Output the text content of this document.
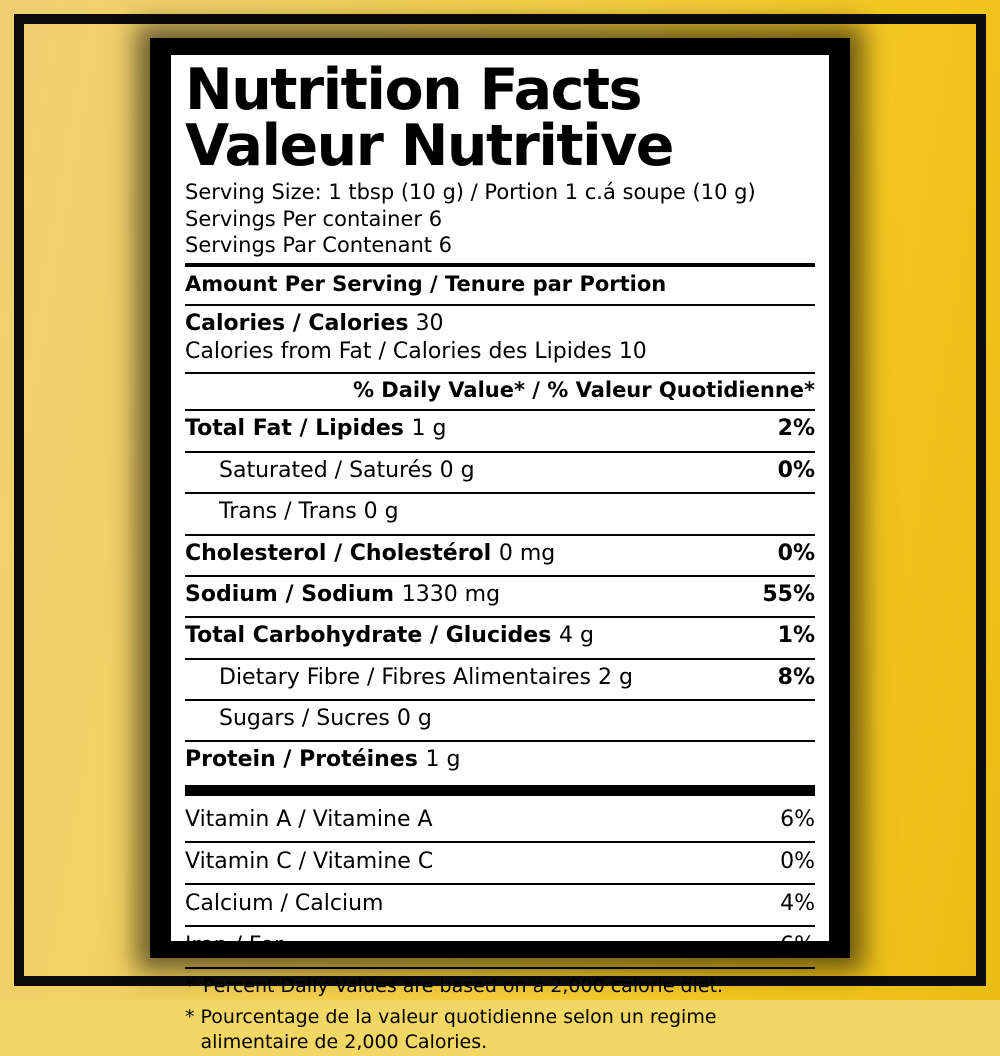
Nutrition Facts
Valeur Nutritive
Serving Size: 1 tbsp (10 g) / Portion 1 c.á soupe (10 g)
Servings Per container 6
Servings Par Contenant 6
Amount Per Serving / Tenure par Portion
Calories / Calories 30
Calories from Fat / Calories des Lipides 10
% Daily Value* / % Valeur Quotidienne*
Total Fat / Lipides 1 g	2%
Saturated / Saturés 0 g	0%
Trans / Trans 0 g
Cholesterol / Cholestérol 0 mg	0%
Sodium / Sodium 1330 mg	55%
Total Carbohydrate / Glucides 4 g	1%
Dietary Fibre / Fibres Alimentaires 2 g	8%
Sugars / Sucres 0 g
Protein / Protéines 1 g
Vitamin A / Vitamine A	6%
Vitamin C / Vitamine C	0%
Calcium / Calcium	4%
Iron / Fer	6%
* Percent Daily Values are based on a 2,000 calorie diet.
* Pourcentage de la valeur quotidienne selon un regime alimentaire de 2,000 Calories.
